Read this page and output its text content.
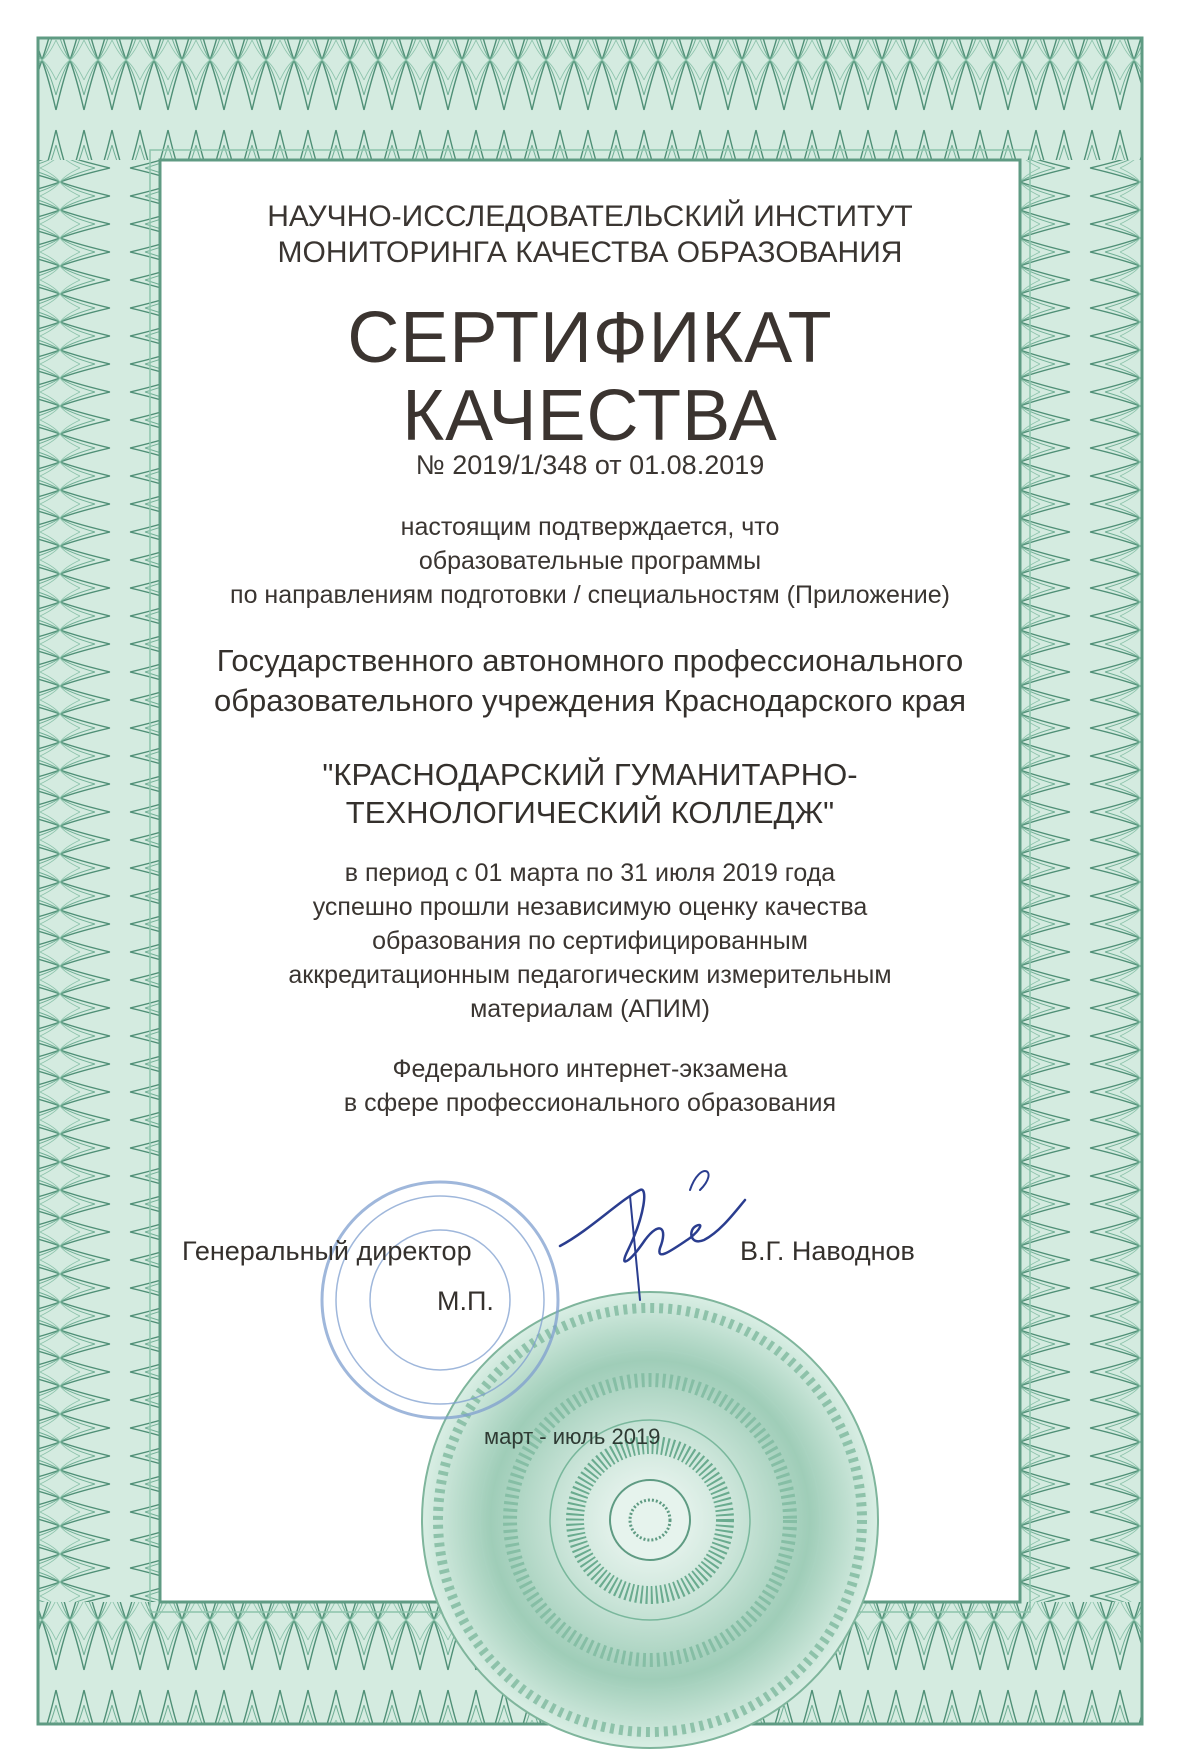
НАУЧНО-ИССЛЕДОВАТЕЛЬСКИЙ ИНСТИТУТ
МОНИТОРИНГА КАЧЕСТВА ОБРАЗОВАНИЯ
СЕРТИФИКАТ
КАЧЕСТВА
№ 2019/1/348 от 01.08.2019
настоящим подтверждается, что
образовательные программы
по направлениям подготовки / специальностям (Приложение)
Государственного автономного профессионального
образовательного учреждения Краснодарского края
"КРАСНОДАРСКИЙ ГУМАНИТАРНО-
ТЕХНОЛОГИЧЕСКИЙ КОЛЛЕДЖ"
в период с 01 марта по 31 июля 2019 года
успешно прошли независимую оценку качества
образования по сертифицированным
аккредитационным педагогическим измерительным
материалам (АПИМ)
Федерального интернет-экзамена
в сфере профессионального образования
Генеральный директор
М.П.
В.Г. Наводнов
март - июль 2019
